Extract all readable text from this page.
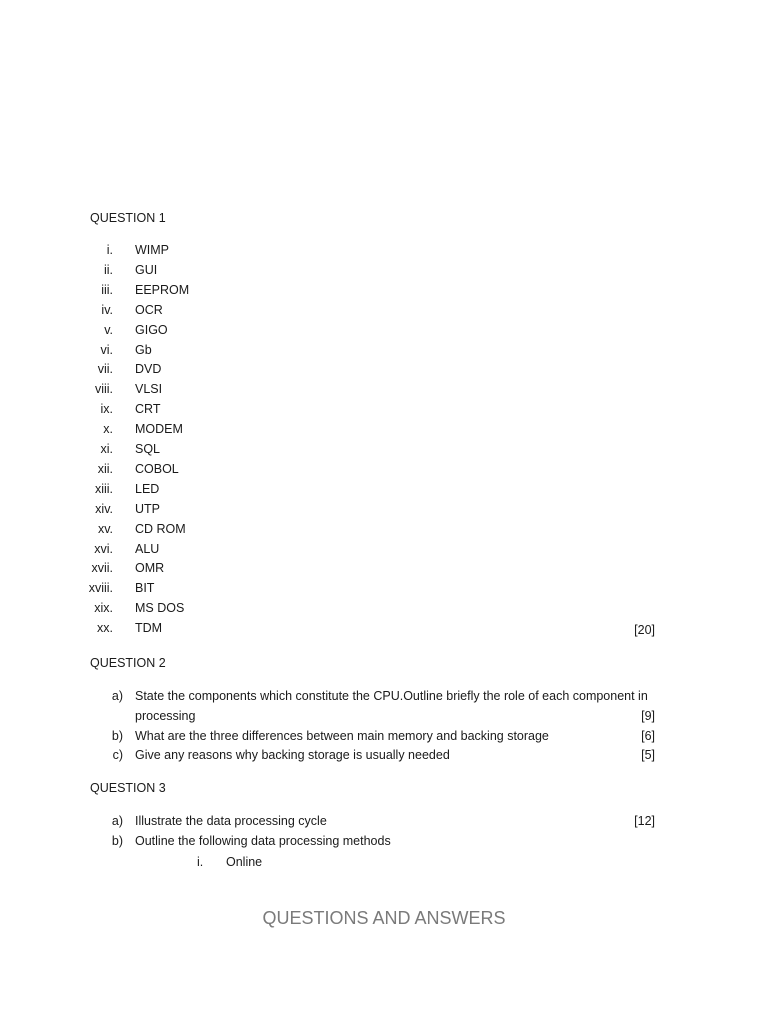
QUESTION 1
i. WIMP
ii. GUI
iii. EEPROM
iv. OCR
v. GIGO
vi. Gb
vii. DVD
viii. VLSI
ix. CRT
x. MODEM
xi. SQL
xii. COBOL
xiii. LED
xiv. UTP
xv. CD ROM
xvi. ALU
xvii. OMR
xviii. BIT
xix. MS DOS
xx. TDM	[20]
QUESTION 2
a) State the components which constitute the CPU.Outline briefly the role of each component in
processing	[9]
b) What are the three differences between main memory and backing storage	[6]
c) Give any reasons why backing storage is usually needed	[5]
QUESTION 3
a) Illustrate the data processing cycle	[12]
b) Outline the following data processing methods
i. Online
QUESTIONS AND ANSWERS
